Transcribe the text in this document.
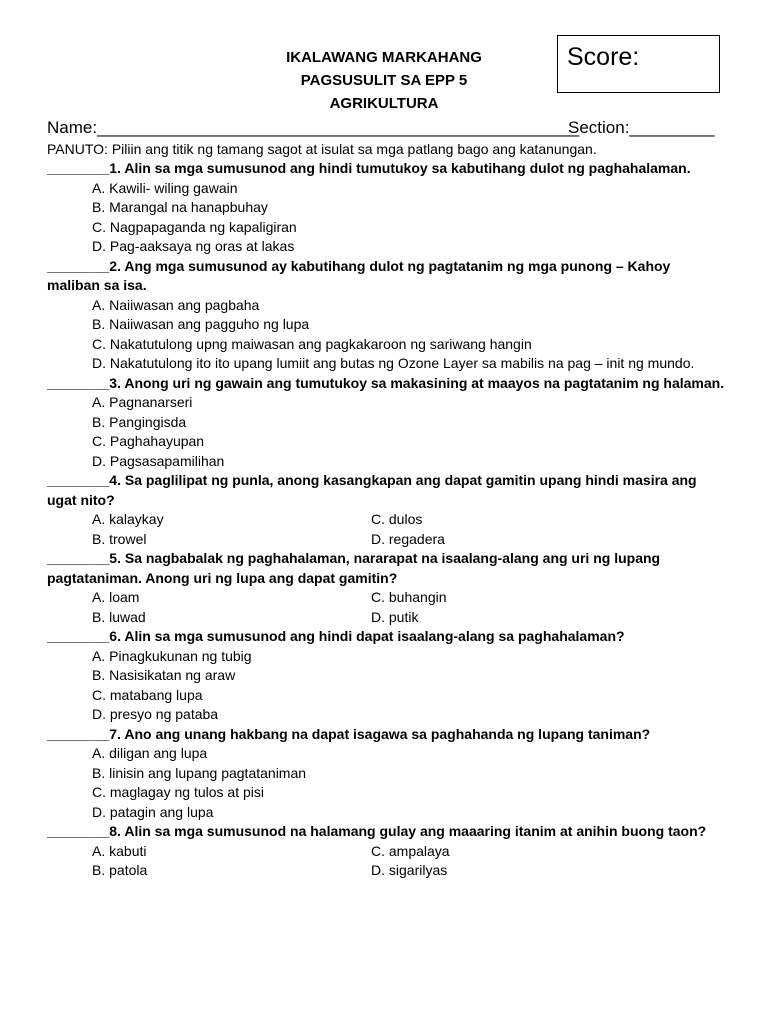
Score:
IKALAWANG MARKAHANG
PAGSUSULIT SA EPP 5
AGRIKULTURA
Name:___________________________________________________
Section:_________
PANUTO: Piliin ang titik ng tamang sagot at isulat sa mga patlang bago ang katanungan.
________1. Alin sa mga sumusunod ang hindi tumutukoy sa kabutihang dulot ng paghahalaman.
A. Kawili- wiling gawain
B. Marangal na hanapbuhay
C. Nagpapaganda ng kapaligiran
D. Pag-aaksaya ng oras at lakas
________2. Ang mga sumusunod ay kabutihang dulot ng pagtatanim ng mga punong – Kahoy maliban sa isa.
A. Naiiwasan ang pagbaha
B. Naiiwasan ang pagguho ng lupa
C. Nakatutulong upng maiwasan ang pagkakaroon ng sariwang hangin
D. Nakatutulong ito ito upang lumiit ang butas ng Ozone Layer sa mabilis na pag – init ng mundo.
________3. Anong uri ng gawain ang tumutukoy sa makasining at maayos na pagtatanim ng halaman.
A. Pagnanarseri
B. Pangingisda
C. Paghahayupan
D. Pagsasapamilihan
________4. Sa paglilipat ng punla, anong kasangkapan ang dapat gamitin upang hindi masira ang ugat nito?
A. kalaykay	C. dulos
B. trowel	D. regadera
________5. Sa nagbabalak ng paghahalaman, nararapat na isaalang-alang ang uri ng lupang pagtataniman. Anong uri ng lupa ang dapat gamitin?
A. loam	C. buhangin
B. luwad	D. putik
________6. Alin sa mga sumusunod ang hindi dapat isaalang-alang sa paghahalaman?
A. Pinagkukunan ng tubig
B. Nasisikatan ng araw
C. matabang lupa
D. presyo ng pataba
________7. Ano ang unang hakbang na dapat isagawa sa paghahanda ng lupang taniman?
A. diligan ang lupa
B. linisin ang lupang pagtataniman
C. maglagay ng tulos at pisi
D. patagin ang lupa
________8. Alin sa mga sumusunod na halamang gulay ang maaaring itanim at anihin buong taon?
A. kabuti	C. ampalaya
B. patola	D. sigarilyas
